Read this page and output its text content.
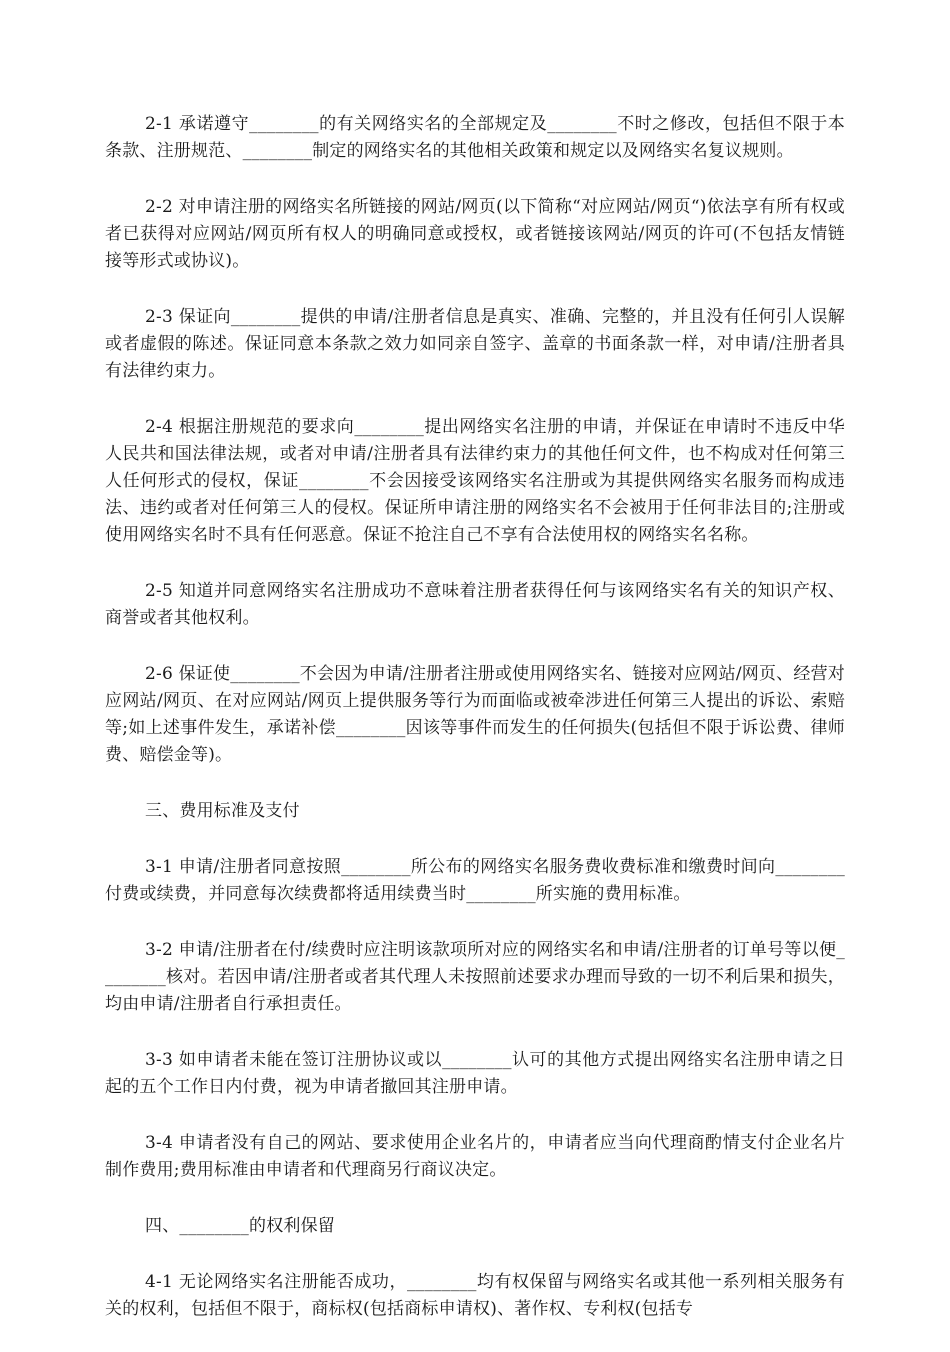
2-1 承诺遵守________的有关网络实名的全部规定及________不时之修改，包括但不限于本条款、注册规范、________制定的网络实名的其他相关政策和规定以及网络实名复议规则。

2-2 对申请注册的网络实名所链接的网站/网页(以下简称“对应网站/网页“)依法享有所有权或者已获得对应网站/网页所有权人的明确同意或授权，或者链接该网站/网页的许可(不包括友情链接等形式或协议)。

2-3 保证向________提供的申请/注册者信息是真实、准确、完整的，并且没有任何引人误解或者虚假的陈述。保证同意本条款之效力如同亲自签字、盖章的书面条款一样，对申请/注册者具有法律约束力。

2-4 根据注册规范的要求向________提出网络实名注册的申请，并保证在申请时不违反中华人民共和国法律法规，或者对申请/注册者具有法律约束力的其他任何文件，也不构成对任何第三人任何形式的侵权，保证________不会因接受该网络实名注册或为其提供网络实名服务而构成违法、违约或者对任何第三人的侵权。保证所申请注册的网络实名不会被用于任何非法目的;注册或使用网络实名时不具有任何恶意。保证不抢注自己不享有合法使用权的网络实名名称。

2-5 知道并同意网络实名注册成功不意味着注册者获得任何与该网络实名有关的知识产权、商誉或者其他权利。

2-6 保证使________不会因为申请/注册者注册或使用网络实名、链接对应网站/网页、经营对应网站/网页、在对应网站/网页上提供服务等行为而面临或被牵涉进任何第三人提出的诉讼、索赔等;如上述事件发生，承诺补偿________因该等事件而发生的任何损失(包括但不限于诉讼费、律师费、赔偿金等)。

三、费用标准及支付

3-1 申请/注册者同意按照________所公布的网络实名服务费收费标准和缴费时间向________付费或续费，并同意每次续费都将适用续费当时________所实施的费用标准。

3-2 申请/注册者在付/续费时应注明该款项所对应的网络实名和申请/注册者的订单号等以便________核对。若因申请/注册者或者其代理人未按照前述要求办理而导致的一切不利后果和损失，均由申请/注册者自行承担责任。

3-3 如申请者未能在签订注册协议或以________认可的其他方式提出网络实名注册申请之日起的五个工作日内付费，视为申请者撤回其注册申请。

3-4 申请者没有自己的网站、要求使用企业名片的，申请者应当向代理商酌情支付企业名片制作费用;费用标准由申请者和代理商另行商议决定。

四、________的权利保留

4-1 无论网络实名注册能否成功，________均有权保留与网络实名或其他一系列相关服务有关的权利，包括但不限于，商标权(包括商标申请权)、著作权、专利权(包括专
